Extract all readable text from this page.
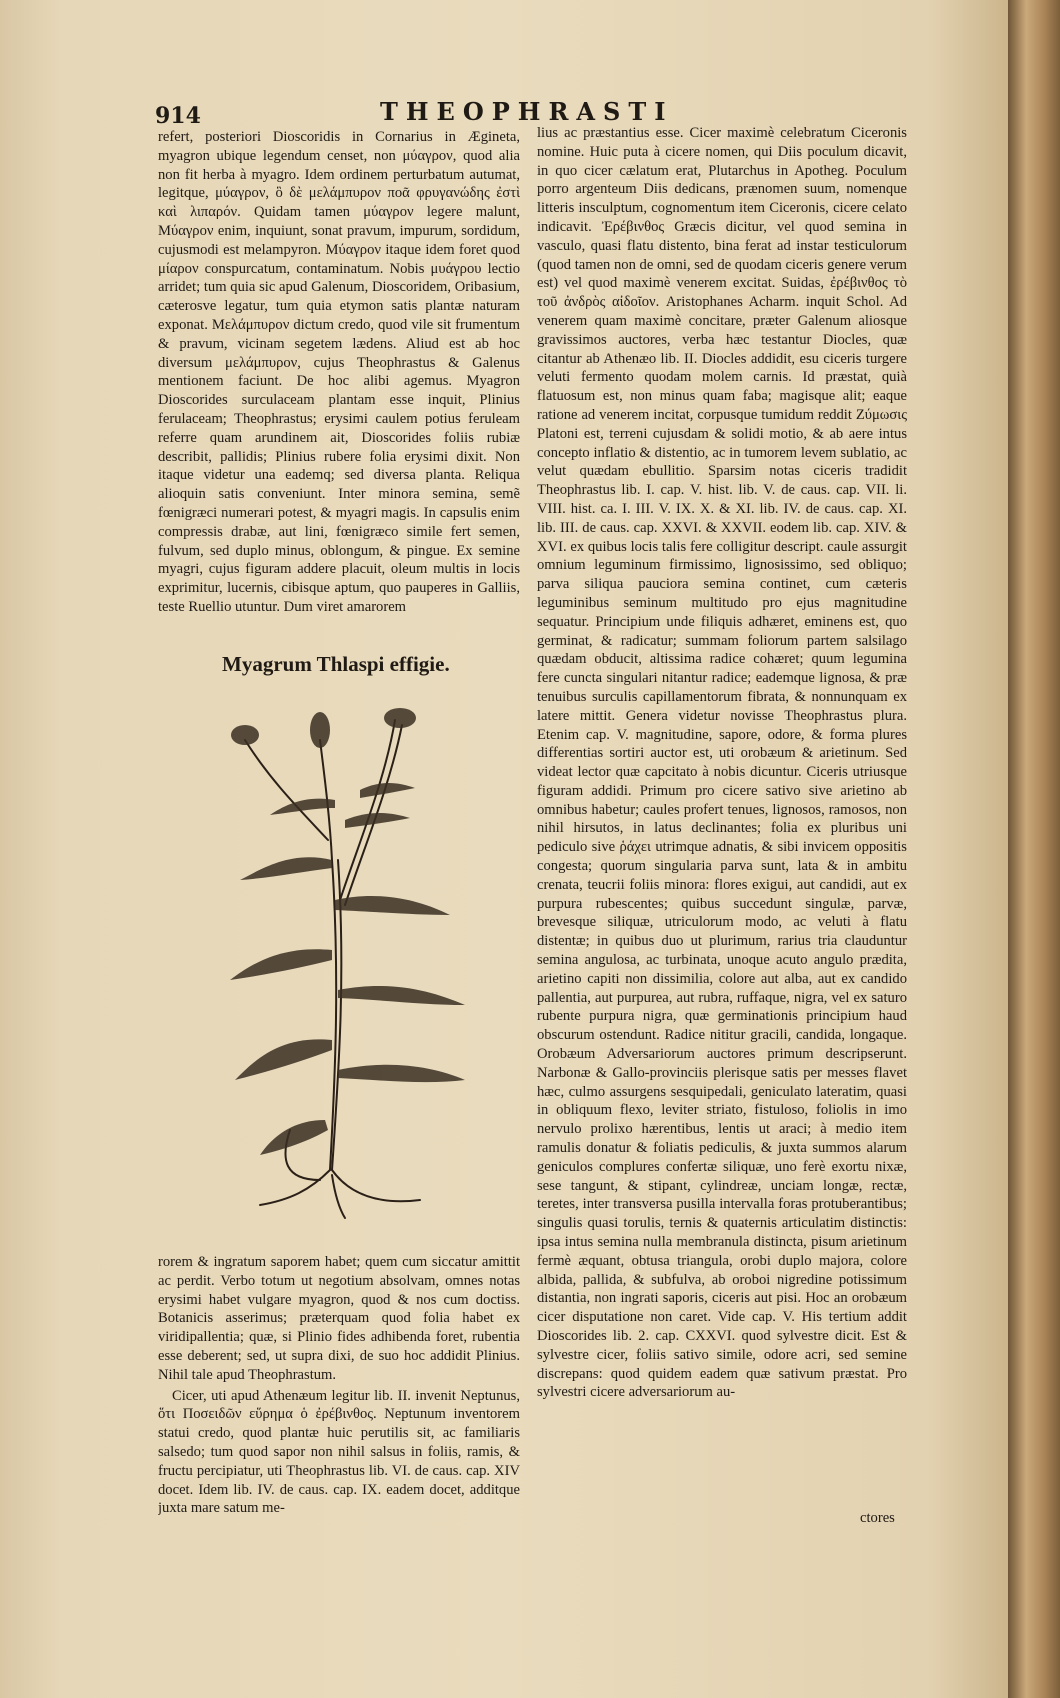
914	THEOPHRASTI

refert, posteriori Dioscoridis in Cornarius in Ægineta, myagron ubique legendum censet, non μύαγρον, quod alia non fit herba à myagro. Idem ordinem perturbatum autumat, legitque, μύαγρον, ὃ δὲ μελάμπυρον ποᾶ φρυγανώδης ἐστὶ καὶ λιπαρόν. Quidam tamen μύαγρον legere malunt, Μύαγρον enim, inquiunt, sonat pravum, impurum, sordidum, cujusmodi est melampyron. Μύαγρον itaque idem foret quod μίαρον conspurcatum, contaminatum. Nobis μυάγρου lectio arridet; tum quia sic apud Galenum, Dioscoridem, Oribasium, cæterosve legatur, tum quia etymon satis plantæ naturam exponat. Μελάμπυρον dictum credo, quod vile sit frumentum & pravum, vicinam segetem lædens. Aliud est ab hoc diversum μελάμπυρον, cujus Theophrastus & Galenus mentionem faciunt. De hoc alibi agemus. Myagron Dioscorides surculaceam plantam esse inquit, Plinius ferulaceam; Theophrastus; erysimi caulem potius feruleam referre quam arundinem ait, Dioscorides foliis rubiæ describit, pallidis; Plinius rubere folia erysimi dixit. Non itaque videtur una eademq; sed diversa planta. Reliqua alioquin satis conveniunt. Inter minora semina, semẽ fœnigræci numerari potest, & myagri magis. In capsulis enim compressis drabæ, aut lini, fœnigræco simile fert semen, fulvum, sed duplo minus, oblongum, & pingue. Ex semine myagri, cujus figuram addere placuit, oleum multis in locis exprimitur, lucernis, cibisque aptum, quo pauperes in Galliis, teste Ruellio utuntur. Dum viret amarorem

Myagrum Thlaspi effigie.

rorem & ingratum saporem habet; quem cum siccatur amittit ac perdit. Verbo totum ut negotium absolvam, omnes notas erysimi habet vulgare myagron, quod & nos cum doctiss. Botanicis asserimus; præterquam quod folia habet ex viridipallentia; quæ, si Plinio fides adhibenda foret, rubentia esse deberent; sed, ut supra dixi, de suo hoc addidit Plinius. Nihil tale apud Theophrastum.

Cicer, uti apud Athenæum legitur lib. II. invenit Neptunus, ὅτι Ποσειδῶν εὕρημα ὁ ἐρέβινθος. Neptunum inventorem statui credo, quod plantæ huic perutilis sit, ac familiaris salsedo; tum quod sapor non nihil salsus in foliis, ramis, & fructu percipiatur, uti Theophrastus lib. VI. de caus. cap. XIV docet. Idem lib. IV. de caus. cap. IX. eadem docet, additque juxta mare satum me-

lius ac præstantius esse. Cicer maximè celebratum Ciceronis nomine. Huic puta à cicere nomen, qui Diis poculum dicavit, in quo cicer cælatum erat, Plutarchus in Apotheg. Poculum porro argenteum Diis dedicans, prænomen suum, nomenque litteris insculptum, cognomentum item Ciceronis, cicere celato indicavit. Ἐρέβινθος Græcis dicitur, vel quod semina in vasculo, quasi flatu distento, bina ferat ad instar testiculorum (quod tamen non de omni, sed de quodam ciceris genere verum est) vel quod maximè venerem excitat. Suidas, ἐρέβινθος τὸ τοῦ ἀνδρὸς αἰδοῖον. Aristophanes Acharm. inquit Schol. Ad venerem quam maximè concitare, præter Galenum aliosque gravissimos auctores, verba hæc testantur Diocles, quæ citantur ab Athenæo lib. II. Diocles addidit, esu ciceris turgere veluti fermento quodam molem carnis. Id præstat, quià flatuosum est, non minus quam faba; magisque alit; eaque ratione ad venerem incitat, corpusque tumidum reddit Ζύμωσις Platoni est, terreni cujusdam & solidi motio, & ab aere intus concepto inflatio & distentio, ac in tumorem levem sublatio, ac velut quædam ebullitio. Sparsim notas ciceris tradidit Theophrastus lib. I. cap. V. hist. lib. V. de caus. cap. VII. li. VIII. hist. ca. I. III. V. IX. X. & XI. lib. IV. de caus. cap. XI. lib. III. de caus. cap. XXVI. & XXVII. eodem lib. cap. XIV. & XVI. ex quibus locis talis fere colligitur descript. caule assurgit omnium leguminum firmissimo, lignosissimo, sed obliquo; parva siliqua pauciora semina continet, cum cæteris leguminibus seminum multitudo pro ejus magnitudine sequatur. Principium unde filiquis adhæret, eminens est, quo germinat, & radicatur; summam foliorum partem salsilago quædam obducit, altissima radice cohæret; quum legumina fere cuncta singulari nitantur radice; eademque lignosa, & præ tenuibus surculis capillamentorum fibrata, & nonnunquam ex latere mittit. Genera videtur novisse Theophrastus plura. Etenim cap. V. magnitudine, sapore, odore, & forma plures differentias sortiri auctor est, uti orobæum & arietinum. Sed videat lector quæ capcitato à nobis dicuntur. Ciceris utriusque figuram addidi. Primum pro cicere sativo sive arietino ab omnibus habetur; caules profert tenues, lignosos, ramosos, non nihil hirsutos, in latus declinantes; folia ex pluribus uni pediculo sive ῥάχει utrimque adnatis, & sibi invicem oppositis congesta; quorum singularia parva sunt, lata & in ambitu crenata, teucrii foliis minora: flores exigui, aut candidi, aut ex purpura rubescentes; quibus succedunt singulæ, parvæ, brevesque siliquæ, utriculorum modo, ac veluti à flatu distentæ; in quibus duo ut plurimum, rarius tria clauduntur semina angulosa, ac turbinata, unoque acuto angulo prædita, arietino capiti non dissimilia, colore aut alba, aut ex candido pallentia, aut purpurea, aut rubra, ruffaque, nigra, vel ex saturo rubente purpura nigra, quæ germinationis principium haud obscurum ostendunt. Radice nititur gracili, candida, longaque. Orobæum Adversariorum auctores primum descripserunt. Narbonæ & Gallo-provinciis plerisque satis per messes flavet hæc, culmo assurgens sesquipedali, geniculato lateratim, quasi in obliquum flexo, leviter striato, fistuloso, foliolis in imo nervulo prolixo hærentibus, lentis ut araci; à medio item ramulis donatur & foliatis pediculis, & juxta summos alarum geniculos complures confertæ siliquæ, uno ferè exortu nixæ, sese tangunt, & stipant, cylindreæ, unciam longæ, rectæ, teretes, inter transversa pusilla intervalla foras protuberantibus; singulis quasi torulis, ternis & quaternis articulatim distinctis: ipsa intus semina nulla membranula distincta, pisum arietinum fermè æquant, obtusa triangula, orobi duplo majora, colore albida, pallida, & subfulva, ab oroboi nigredine potissimum distantia, non ingrati saporis, ciceris aut pisi. Hoc an orobæum cicer disputatione non caret. Vide cap. V. His tertium addit Dioscorides lib. 2. cap. CXXVI. quod sylvestre dicit. Est & sylvestre cicer, foliis sativo simile, odore acri, sed semine discrepans: quod quidem eadem quæ sativum præstat. Pro sylvestri cicere adversariorum au-

ctores
